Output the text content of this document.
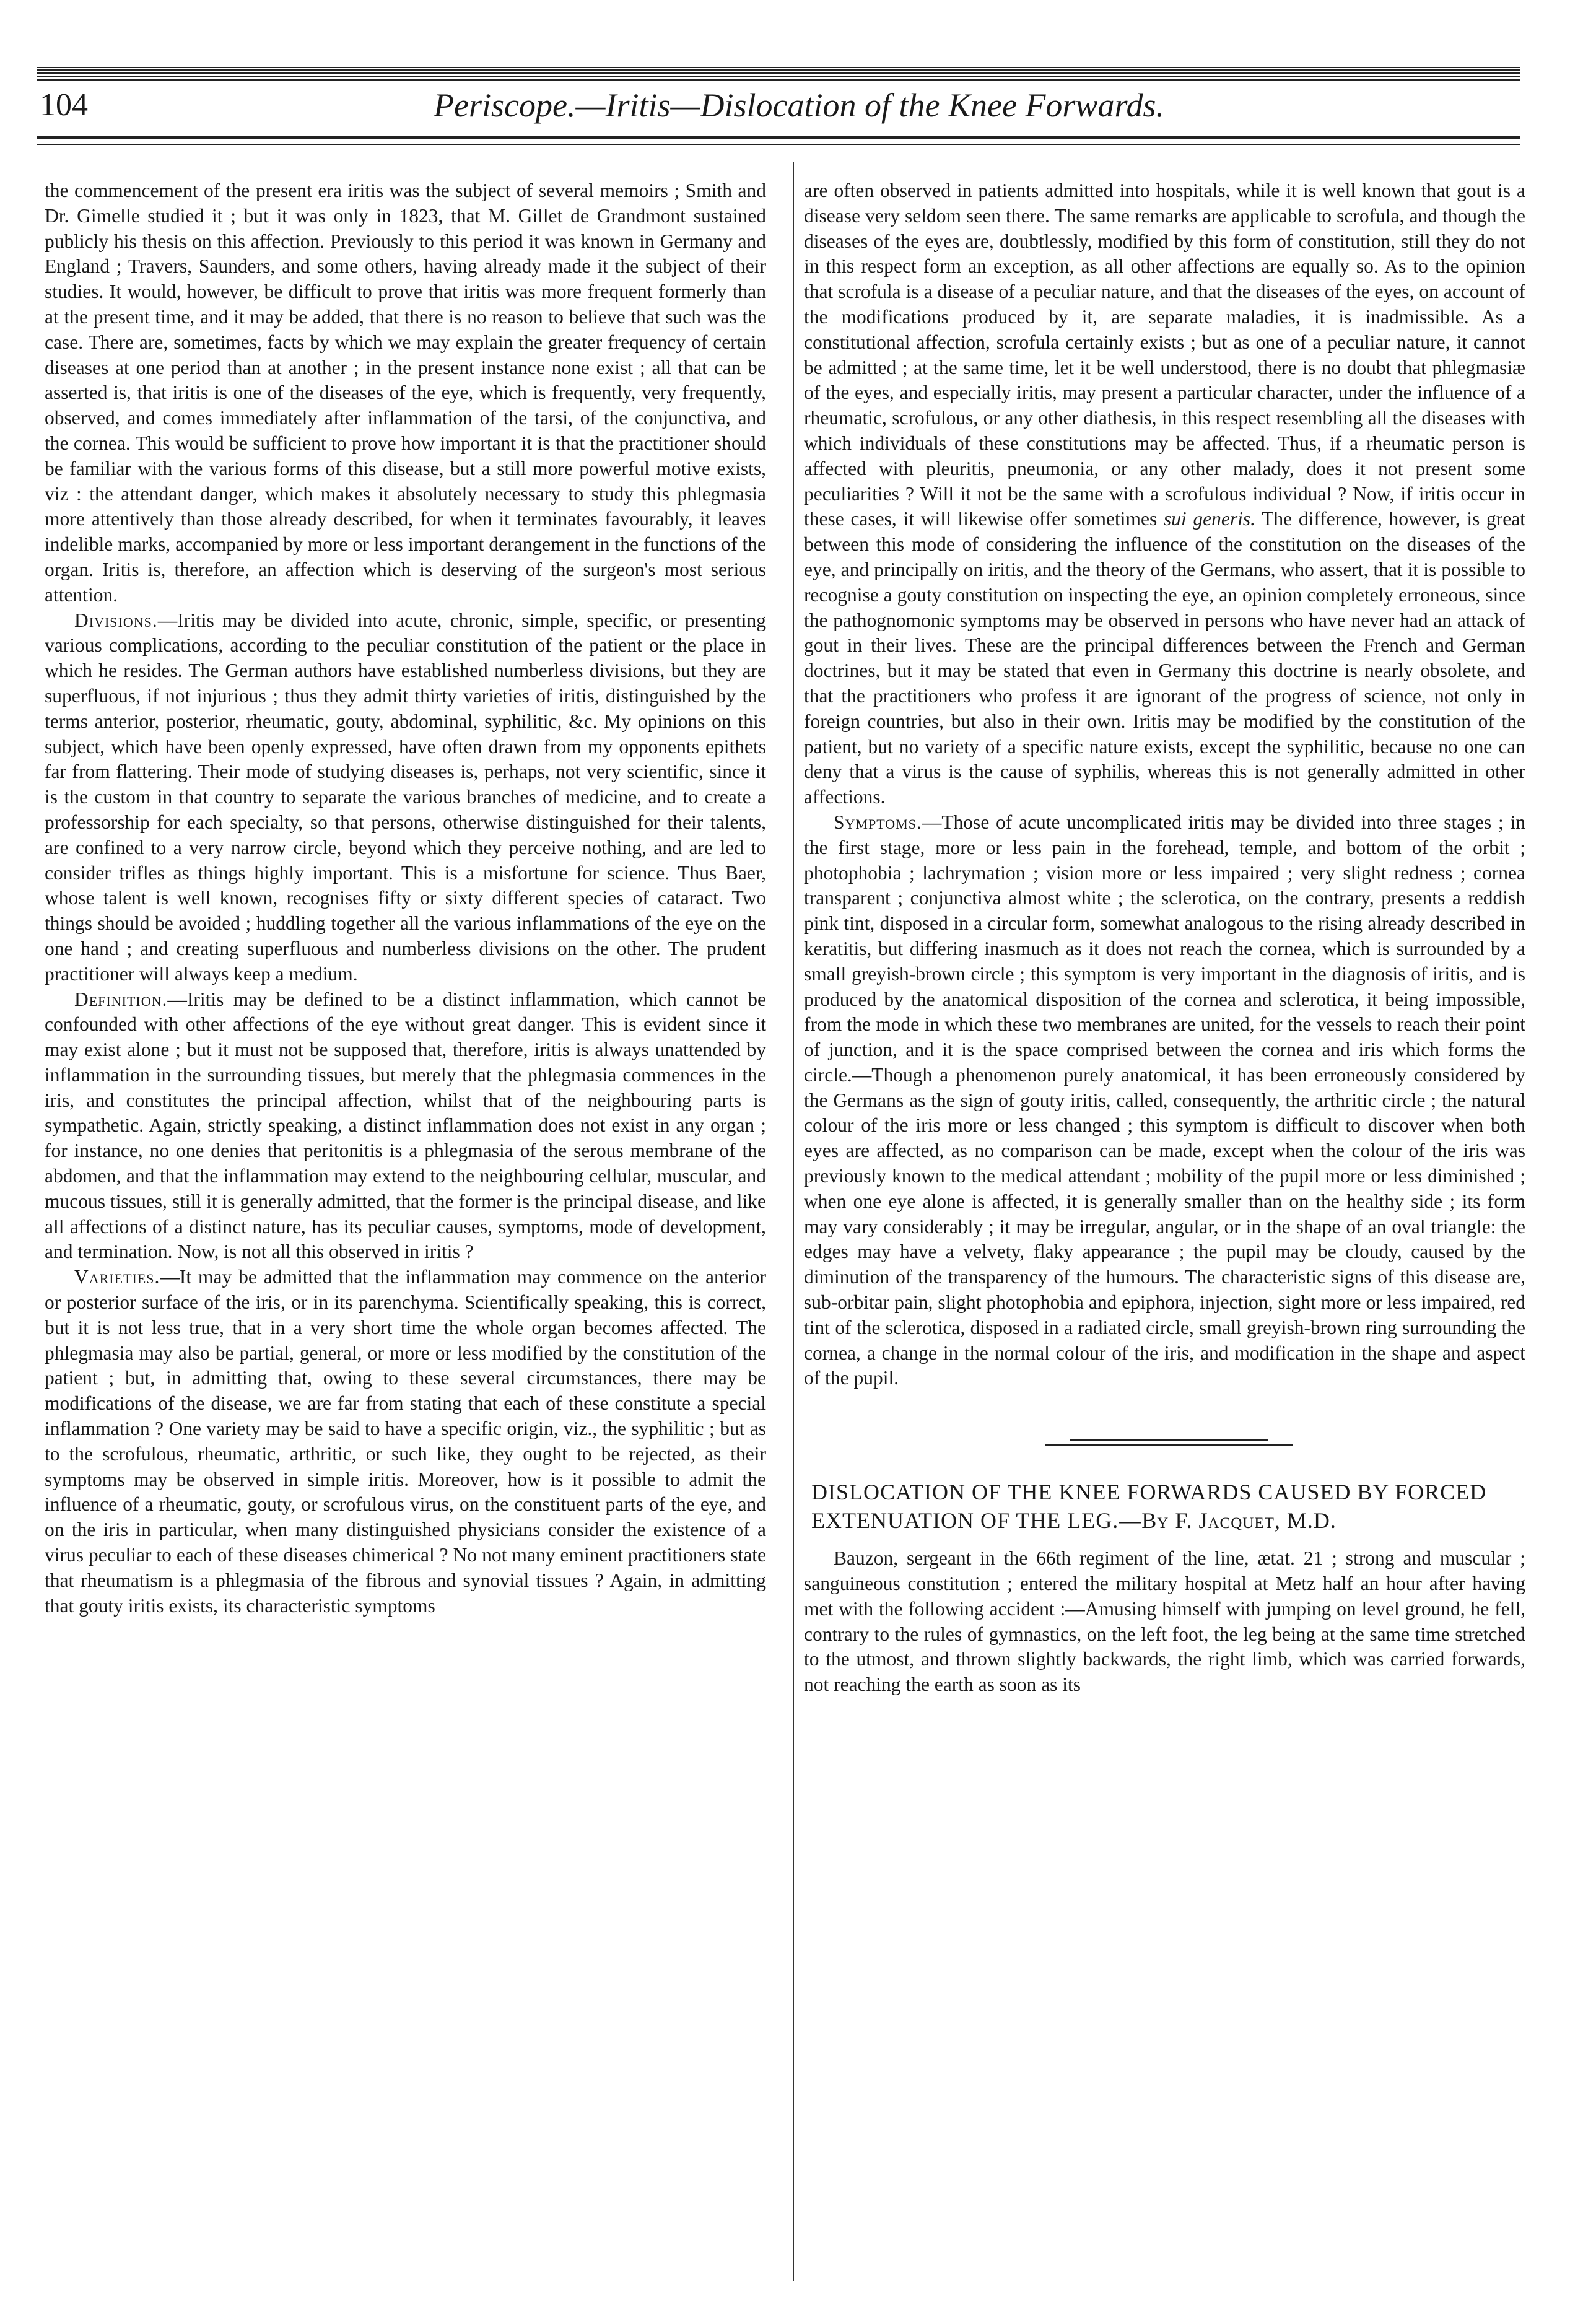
104	Periscope.—Iritis—Dislocation of the Knee Forwards.

the commencement of the present era iritis was the subject of several memoirs ; Smith and Dr. Gimelle studied it ; but it was only in 1823, that M. Gillet de Grandmont sustained publicly his thesis on this affection. Previously to this period it was known in Germany and England ; Travers, Saunders, and some others, having already made it the subject of their studies. It would, however, be difficult to prove that iritis was more frequent formerly than at the present time, and it may be added, that there is no reason to believe that such was the case. There are, sometimes, facts by which we may explain the greater frequency of certain diseases at one period than at another ; in the present instance none exist ; all that can be asserted is, that iritis is one of the diseases of the eye, which is frequently, very frequently, observed, and comes immediately after inflammation of the tarsi, of the conjunctiva, and the cornea. This would be sufficient to prove how important it is that the practitioner should be familiar with the various forms of this disease, but a still more powerful motive exists, viz : the attendant danger, which makes it absolutely necessary to study this phlegmasia more attentively than those already described, for when it terminates favourably, it leaves indelible marks, accompanied by more or less important derangement in the functions of the organ. Iritis is, therefore, an affection which is deserving of the surgeon's most serious attention.

Divisions.—Iritis may be divided into acute, chronic, simple, specific, or presenting various complications, according to the peculiar constitution of the patient or the place in which he resides. The German authors have established numberless divisions, but they are superfluous, if not injurious ; thus they admit thirty varieties of iritis, distinguished by the terms anterior, posterior, rheumatic, gouty, abdominal, syphilitic, &c. My opinions on this subject, which have been openly expressed, have often drawn from my opponents epithets far from flattering. Their mode of studying diseases is, perhaps, not very scientific, since it is the custom in that country to separate the various branches of medicine, and to create a professorship for each specialty, so that persons, otherwise distinguished for their talents, are confined to a very narrow circle, beyond which they perceive nothing, and are led to consider trifles as things highly important. This is a misfortune for science. Thus Baer, whose talent is well known, recognises fifty or sixty different species of cataract. Two things should be avoided ; huddling together all the various inflammations of the eye on the one hand ; and creating superfluous and numberless divisions on the other. The prudent practitioner will always keep a medium.

Definition.—Iritis may be defined to be a distinct inflammation, which cannot be confounded with other affections of the eye without great danger. This is evident since it may exist alone ; but it must not be supposed that, therefore, iritis is always unattended by inflammation in the surrounding tissues, but merely that the phlegmasia commences in the iris, and constitutes the principal affection, whilst that of the neighbouring parts is sympathetic. Again, strictly speaking, a distinct inflammation does not exist in any organ ; for instance, no one denies that peritonitis is a phlegmasia of the serous membrane of the abdomen, and that the inflammation may extend to the neighbouring cellular, muscular, and mucous tissues, still it is generally admitted, that the former is the principal disease, and like all affections of a distinct nature, has its peculiar causes, symptoms, mode of development, and termination. Now, is not all this observed in iritis ?

Varieties.—It may be admitted that the inflammation may commence on the anterior or posterior surface of the iris, or in its parenchyma. Scientifically speaking, this is correct, but it is not less true, that in a very short time the whole organ becomes affected. The phlegmasia may also be partial, general, or more or less modified by the constitution of the patient ; but, in admitting that, owing to these several circumstances, there may be modifications of the disease, we are far from stating that each of these constitute a special inflammation ? One variety may be said to have a specific origin, viz., the syphilitic ; but as to the scrofulous, rheumatic, arthritic, or such like, they ought to be rejected, as their symptoms may be observed in simple iritis. Moreover, how is it possible to admit the influence of a rheumatic, gouty, or scrofulous virus, on the constituent parts of the eye, and on the iris in particular, when many distinguished physicians consider the existence of a virus peculiar to each of these diseases chimerical ? No not many eminent practitioners state that rheumatism is a phlegmasia of the fibrous and synovial tissues ? Again, in admitting that gouty iritis exists, its characteristic symptoms

are often observed in patients admitted into hospitals, while it is well known that gout is a disease very seldom seen there. The same remarks are applicable to scrofula, and though the diseases of the eyes are, doubtlessly, modified by this form of constitution, still they do not in this respect form an exception, as all other affections are equally so. As to the opinion that scrofula is a disease of a peculiar nature, and that the diseases of the eyes, on account of the modifications produced by it, are separate maladies, it is inadmissible. As a constitutional affection, scrofula certainly exists ; but as one of a peculiar nature, it cannot be admitted ; at the same time, let it be well understood, there is no doubt that phlegmasiæ of the eyes, and especially iritis, may present a particular character, under the influence of a rheumatic, scrofulous, or any other diathesis, in this respect resembling all the diseases with which individuals of these constitutions may be affected. Thus, if a rheumatic person is affected with pleuritis, pneumonia, or any other malady, does it not present some peculiarities ? Will it not be the same with a scrofulous individual ? Now, if iritis occur in these cases, it will likewise offer sometimes sui generis. The difference, however, is great between this mode of considering the influence of the constitution on the diseases of the eye, and principally on iritis, and the theory of the Germans, who assert, that it is possible to recognise a gouty constitution on inspecting the eye, an opinion completely erroneous, since the pathognomonic symptoms may be observed in persons who have never had an attack of gout in their lives. These are the principal differences between the French and German doctrines, but it may be stated that even in Germany this doctrine is nearly obsolete, and that the practitioners who profess it are ignorant of the progress of science, not only in foreign countries, but also in their own. Iritis may be modified by the constitution of the patient, but no variety of a specific nature exists, except the syphilitic, because no one can deny that a virus is the cause of syphilis, whereas this is not generally admitted in other affections.

Symptoms.—Those of acute uncomplicated iritis may be divided into three stages ; in the first stage, more or less pain in the forehead, temple, and bottom of the orbit ; photophobia ; lachrymation ; vision more or less impaired ; very slight redness ; cornea transparent ; conjunctiva almost white ; the sclerotica, on the contrary, presents a reddish pink tint, disposed in a circular form, somewhat analogous to the rising already described in keratitis, but differing inasmuch as it does not reach the cornea, which is surrounded by a small greyish-brown circle ; this symptom is very important in the diagnosis of iritis, and is produced by the anatomical disposition of the cornea and sclerotica, it being impossible, from the mode in which these two membranes are united, for the vessels to reach their point of junction, and it is the space comprised between the cornea and iris which forms the circle.—Though a phenomenon purely anatomical, it has been erroneously considered by the Germans as the sign of gouty iritis, called, consequently, the arthritic circle ; the natural colour of the iris more or less changed ; this symptom is difficult to discover when both eyes are affected, as no comparison can be made, except when the colour of the iris was previously known to the medical attendant ; mobility of the pupil more or less diminished ; when one eye alone is affected, it is generally smaller than on the healthy side ; its form may vary considerably ; it may be irregular, angular, or in the shape of an oval triangle: the edges may have a velvety, flaky appearance ; the pupil may be cloudy, caused by the diminution of the transparency of the humours. The characteristic signs of this disease are, sub-orbitar pain, slight photophobia and epiphora, injection, sight more or less impaired, red tint of the sclerotica, disposed in a radiated circle, small greyish-brown ring surrounding the cornea, a change in the normal colour of the iris, and modification in the shape and aspect of the pupil.

DISLOCATION OF THE KNEE FORWARDS CAUSED BY FORCED EXTENUATION OF THE LEG.—By F. Jacquet, M.D.

Bauzon, sergeant in the 66th regiment of the line, ætat. 21 ; strong and muscular ; sanguineous constitution ; entered the military hospital at Metz half an hour after having met with the following accident :—Amusing himself with jumping on level ground, he fell, contrary to the rules of gymnastics, on the left foot, the leg being at the same time stretched to the utmost, and thrown slightly backwards, the right limb, which was carried forwards, not reaching the earth as soon as its
